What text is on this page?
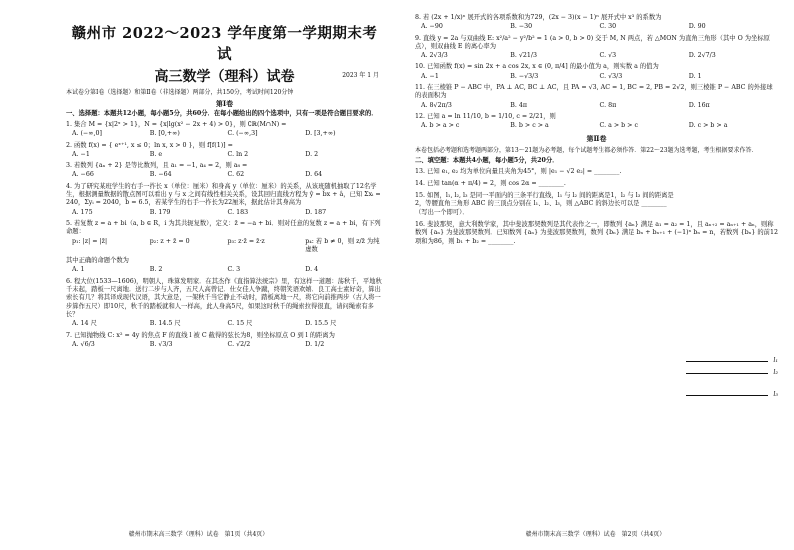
赣州市 2022～2023 学年度第一学期期末考试
高三数学（理科）试卷	2023 年 1 月
本试卷分第Ⅰ卷（选择题）和第Ⅱ卷（非选择题）两部分，共150分，考试时间120分钟
第Ⅰ卷
一、选择题：本题共12小题，每小题5分，共60分．在每小题给出的四个选项中，只有一项是符合题目要求的．
1. 集合 M = {x|2ˣ > 1}，N = {x|lg(x² − 2x + 4) > 0}，则 ∁ℝ(M∩N) =
A. (−∞,0]	B. [0,+∞)	C. (−∞,3]	D. [3,+∞)
2. 函数 f(x) = { eˣ⁺¹, x ≤ 0；ln x, x > 0 }，则 f[f(1)] =
A. −1	B. e	C. ln 2	D. 2
3. 若数列 {aₙ + 2} 是等比数列，且 a₁ = −1, a₄ = 2，则 a₈ =
A. −66	B. −64	C. 62	D. 64
4. 为了研究某班学生的右手一拃长 x（单位：厘米）和身高 y（单位：厘米）的关系，从该班随机抽取了12名学生，根据测量数据的散点图可以看出 y 与 x 之间有线性相关关系，设其回归直线方程为 ŷ = b̂x + â，已知 Σxᵢ = 240，Σyᵢ = 2040，b̂ = 6.5，若某学生的右手一拃长为22厘米，据此估计其身高为
A. 175	B. 179	C. 183	D. 187
5. 若复数 z = a + bi（a, b ∈ R，i 为其共轭复数），定义：z̄ = −a + bi．则对任意的复数 z = a + bi，有下列命题：
p₁: |z| = |z̄|	p₂: z + z̄ = 0	p₃: z·z̄ = z̄·z	p₄: 若 b ≠ 0，则 z/z̄ 为纯虚数
其中正确的命题个数为
A. 1	B. 2	C. 3	D. 4
6. 程大位(1533—1606)，明朝人，珠算发明家．在其杰作《直指算法统宗》里，有这样一道题：荡秋千，平地秋千未起，踏板一尺离地．送行二步与人齐，五尺人高曾记．仕女佳人争蹴，终朝笑语欢嬉．良工高士素好奇，算出索长有几？将其译成现代汉语，其大意是，一架秋千当它静止不动时，踏板离地一尺，将它向前推两步（古人将一步算作五尺）即10尺，秋千的踏板就和人一样高，此人身高5尺，如果这时秋千的绳索拉得很直，请问绳索有多长？
A. 14 尺	B. 14.5 尺	C. 15 尺	D. 15.5 尺
7. 已知抛物线 C: x² = 4y 的焦点 F 的直线 l 被 C 截得的弦长为8，则坐标原点 O 到 l 的距离为
A. √6/3	B. √3/3	C. √2/2	D. 1/2
赣州市期末高三数学（理科）试卷　第1页（共4页）
8. 若 (2x + 1/x)ⁿ 展开式的各项系数和为729，(2x − 3)(x − 1)ⁿ 展开式中 x³ 的系数为
A. −90	B. −30	C. 30	D. 90
9. 直线 y = 2a 与双曲线 E: x²/a² − y²/b² = 1 (a > 0, b > 0) 交于 M, N 两点，若 △MON 为直角三角形（其中 O 为坐标原点），则双曲线 E 的离心率为
A. 2√3/3	B. √21/3	C. √3	D. 2√7/3
10. 已知函数 f(x) = sin 2x + a cos 2x, x ∈ (0, π/4] 的最小值为 a，则实数 a 的值为
A. −1	B. −√3/3	C. √3/3	D. 1
11. 在三棱锥 P − ABC 中，PA ⊥ AC, BC ⊥ AC，且 PA = √3, AC = 1, BC = 2, PB = 2√2，则三棱锥 P − ABC 的外接球的表面积为
A. 8√2π/3	B. 4π	C. 8π	D. 16π
12. 已知 a = ln 11/10, b = 1/10, c = 2/21，则
A. b > a > c	B. b > c > a	C. a > b > c	D. c > b > a
第Ⅱ卷
本卷包括必考题和选考题两部分，第13～21题为必考题，每个试题考生都必须作答．第22～23题为选考题，考生根据要求作答．
二、填空题：本题共4小题，每小题5分，共20分．
13. 已知 e₁, e₂ 均为单位向量且夹角为45°，则 |e₁ − √2 e₂| = ________.
14. 已知 tan(α + π/4) = 2，则 cos 2α = ________.
15. 如图，l₁, l₂, l₃ 是同一平面内的三条平行直线，l₁ 与 l₂ 间的距离是1，l₂ 与 l₃ 间的距离是2，等腰直角三角形 ABC 的三顶点分别在 l₁、l₂、l₃，则 △ABC 的斜边长可以是 ________（写出一个即可）．
16. 斐波那契，意大利数学家，其中斐波那契数列是其代表作之一，即数列 {aₙ} 满足 a₁ = a₂ = 1，且 aₙ₊₂ = aₙ₊₁ + aₙ，则称数列 {aₙ} 为斐波那契数列．已知数列 {aₙ} 为斐波那契数列，数列 {bₙ} 满足 bₙ + bₙ₊₁ + (−1)ⁿ bₙ = n，若数列 {bₙ} 的前12项和为86，则 b₁ + b₂ = ________.
l₁
l₂
l₃
赣州市期末高三数学（理科）试卷　第2页（共4页）
